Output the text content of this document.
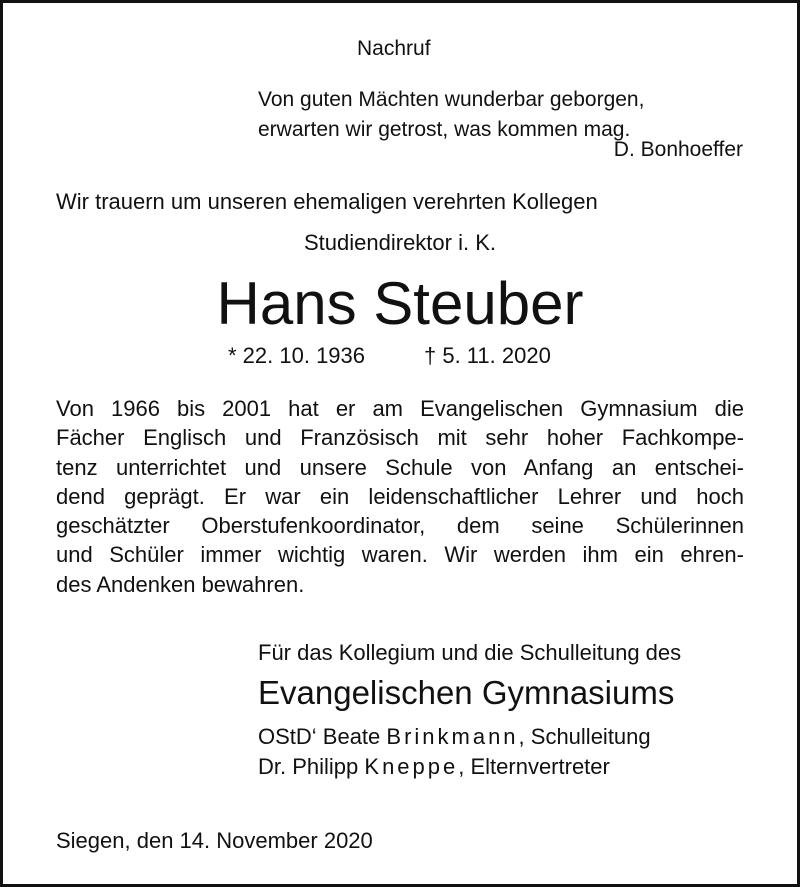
Nachruf
Von guten Mächten wunderbar geborgen,
erwarten wir getrost, was kommen mag.
D. Bonhoeffer
Wir trauern um unseren ehemaligen verehrten Kollegen
Studiendirektor i. K.
Hans Steuber
* 22. 10. 1936	† 5. 11. 2020

Von 1966 bis 2001 hat er am Evangelischen Gymnasium die
Fächer Englisch und Französisch mit sehr hoher Fachkompe-
tenz unterrichtet und unsere Schule von Anfang an entschei-
dend geprägt. Er war ein leidenschaftlicher Lehrer und hoch
geschätzter Oberstufenkoordinator, dem seine Schülerinnen
und Schüler immer wichtig waren. Wir werden ihm ein ehren-
des Andenken bewahren.

Für das Kollegium und die Schulleitung des
Evangelischen Gymnasiums
OStD‘ Beate Brinkmann, Schulleitung
Dr. Philipp Kneppe, Elternvertreter
Siegen, den 14. November 2020
